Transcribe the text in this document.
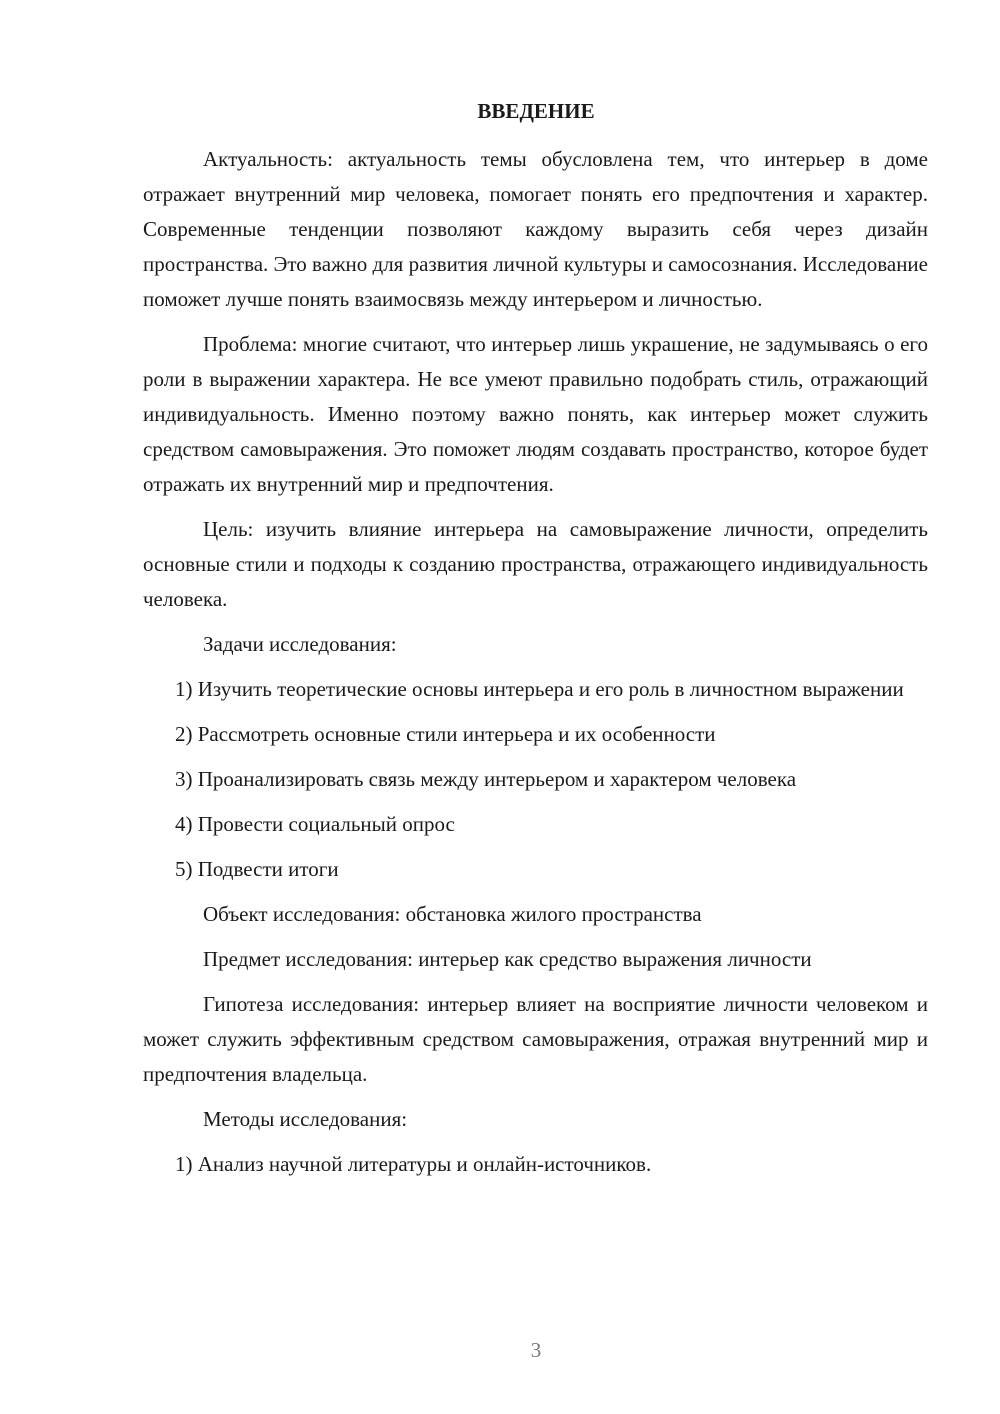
ВВЕДЕНИЕ

Актуальность: актуальность темы обусловлена тем, что интерьер в доме отражает внутренний мир человека, помогает понять его предпочтения и характер. Современные тенденции позволяют каждому выразить себя через дизайн пространства. Это важно для развития личной культуры и самосознания. Исследование поможет лучше понять взаимосвязь между интерьером и личностью.

Проблема: многие считают, что интерьер лишь украшение, не задумываясь о его роли в выражении характера. Не все умеют правильно подобрать стиль, отражающий индивидуальность. Именно поэтому важно понять, как интерьер может служить средством самовыражения. Это поможет людям создавать пространство, которое будет отражать их внутренний мир и предпочтения.

Цель: изучить влияние интерьера на самовыражение личности, определить основные стили и подходы к созданию пространства, отражающего индивидуальность человека.

Задачи исследования:

1) Изучить теоретические основы интерьера и его роль в личностном выражении

2) Рассмотреть основные стили интерьера и их особенности

3) Проанализировать связь между интерьером и характером человека

4) Провести социальный опрос

5) Подвести итоги

Объект исследования: обстановка жилого пространства

Предмет исследования: интерьер как средство выражения личности

Гипотеза исследования: интерьер влияет на восприятие личности человеком и может служить эффективным средством самовыражения, отражая внутренний мир и предпочтения владельца.

Методы исследования:

1) Анализ научной литературы и онлайн-источников.

3
